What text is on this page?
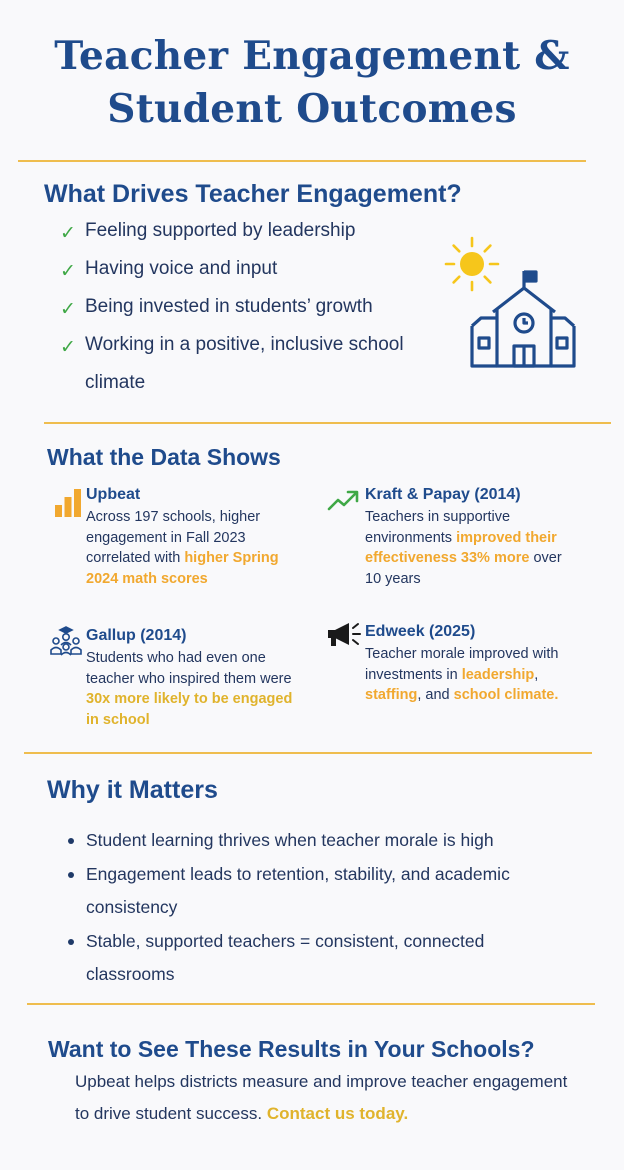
Teacher Engagement &
Student Outcomes
What Drives Teacher Engagement?
✓ Feeling supported by leadership
✓ Having voice and input
✓ Being invested in students’ growth
✓ Working in a positive, inclusive school climate
What the Data Shows
Upbeat
Across 197 schools, higher engagement in Fall 2023 correlated with higher Spring 2024 math scores
Kraft & Papay (2014)
Teachers in supportive environments improved their effectiveness 33% more over 10 years
Gallup (2014)
Students who had even one teacher who inspired them were 30x more likely to be engaged in school
Edweek (2025)
Teacher morale improved with investments in leadership, staffing, and school climate.
Why it Matters
Student learning thrives when teacher morale is high
Engagement leads to retention, stability, and academic consistency
Stable, supported teachers = consistent, connected classrooms
Want to See These Results in Your Schools?
Upbeat helps districts measure and improve teacher engagement to drive student success. Contact us today.
